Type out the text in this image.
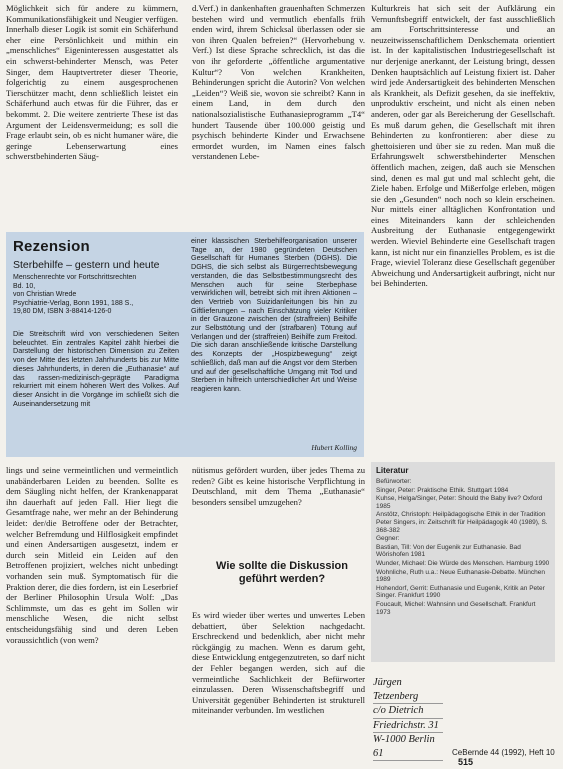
Möglichkeit sich für andere zu kümmern, Kommunikationsfähigkeit und Neugier verfügen. Innerhalb dieser Logik ist somit ein Schäferhund eher eine Persönlichkeit und mithin ein „menschliches“ Eigeninteressen ausgestattet als ein schwerst-behinderter Mensch, was Peter Singer, dem Hauptvertreter dieser Theorie, folgerichtig zu einem ausgesprochenen Tierschützer macht, denn schließlich leistet ein Schäferhund auch etwas für die Führer, das er bekommt. 2. Die weitere zentrierte These ist das Argument der Leidensvermeidung; es soll die Frage erlaubt sein, ob es nicht humaner wäre, die geringe Lebenserwartung eines schwerstbehinderten Säug-

d.Verf.) in dankenhaften grauenhaften Schmerzen bestehen wird und vermutlich ebenfalls früh enden wird, ihrem Schicksal überlassen oder sie von ihren Qualen befreien?“ (Hervorhebung v. Verf.) Ist diese Sprache schrecklich, ist das die von ihr geforderte „öffentliche argumentative Kultur“? Von welchen Krankheiten, Behinderungen spricht die Autorin? Von welchen „Leiden“? Weiß sie, wovon sie schreibt? Kann in einem Land, in dem durch den nationalsozialistische Euthanasieprogramm „T4“ hundert Tausende über 100.000 geistig und psychisch behinderte Kinder und Erwachsene ermordet wurden, im Namen eines falsch verstandenen Lebe-

Kulturkreis hat sich seit der Aufklärung ein Vernunftsbegriff entwickelt, der fast ausschließlich am Fortschrittsinteresse und an neuzeitwissenschaftlichem Denkschemata orientiert ist. In der kapitalistischen Industriegesellschaft ist nur derjenige anerkannt, der Leistung bringt, dessen Denken hauptsächlich auf Leistung fixiert ist. Daher wird jede Andersartigkeit des behinderten Menschen als Krankheit, als Defizit gesehen, da sie ineffektiv, unproduktiv erscheint, und nicht als einen neben anderen, oder gar als Bereicherung der Gesellschaft. Es muß darum gehen, die Gesellschaft mit ihren Behinderten zu konfrontieren: aber diese zu ghettoisieren und über sie zu reden. Man muß die Erfahrungswelt schwerstbehinderter Menschen öffentlich machen, zeigen, daß auch sie Menschen sind, denen es mal gut und mal schlecht geht, die Ziele haben. Erfolge und Mißerfolge erleben, mögen sie den „Gesunden“ noch noch so klein erscheinen. Nur mittels einer alltäglichen Konfrontation und eines Miteinanders kann der schleichenden Ausbreitung der Euthanasie entgegengewirkt werden. Wieviel Behinderte eine Gesellschaft tragen kann, ist nicht nur ein finanzielles Problem, es ist die Frage, wieviel Toleranz diese Gesellschaft gegenüber Abweichung und Andersartigkeit aufbringt, nicht nur bei Behinderten.

Rezension
Sterbehilfe – gestern und heute
Menschenrechte vor Fortschrittsrechten
Bd. 10,
von Christian Wrede
Psychiatrie-Verlag, Bonn 1991, 188 S.,
19,80 DM, ISBN 3-88414-126-0
Die Streitschrift wird von verschiedenen Seiten beleuchtet. Ein zentrales Kapitel zählt hierbei die Darstellung der historischen Dimension zu Zeiten von der Mitte des letzten Jahrhunderts bis zur Mitte dieses Jahrhunderts, in deren die „Euthanasie“ auf das rassen-medizinisch-geprägte Paradigma rekurriert mit einem höheren Wert des Volkes. Auf dieser Ansicht in die Vorgänge im schließt sich die Auseinandersetzung mit
einer klassischen Sterbehilfeorganisation unserer Tage an, der 1980 gegründeten Deutschen Gesellschaft für Humanes Sterben (DGHS). Die DGHS, die sich selbst als Bürgerrechtsbewegung verstanden, die das Selbstbestimmungsrecht des Menschen auch für seine Sterbephase verwirklichen will, betreibt sich mit ihren Aktionen – den Vertrieb von Suizidanleitungen bis hin zu Giftlieferungen – nach Einschätzung vieler Kritiker in der Grauzone zwischen der (straffreien) Beihilfe zur Selbsttötung und der (strafbaren) Tötung auf Verlangen und der (straffreien) Beihilfe zum Freitod. Die sich daran anschließende kritische Darstellung des Konzepts der „Hospizbewegung“ zeigt schließlich, daß man auf die Angst vor dem Sterben und auf der gesellschaftliche Umgang mit Tod und Sterben in hilfreich unterschiedlicher Art und Weise reagieren kann.
Hubert Kolling

lings und seine vermeintlichen und vermeintlich unabänderbaren Leiden zu beenden. Sollte es dem Säugling nicht helfen, der Krankenapparat ihn dauerhaft auf jeden Fall. Hier liegt die Gesamtfrage nahe, wer mehr an der Behinderung leidet: der/die Betroffene oder der Betrachter, welcher Befremdung und Hilflosigkeit empfindet und einen Andersartigen ausgesetzt, indem er durch sein Mitleid ein Leiden auf den Betroffenen projiziert, welches nicht unbedingt vorhanden sein muß. Symptomatisch für die Praktion derer, die dies fordern, ist ein Leserbrief der Berliner Philosophin Ursula Wolf: „Das Schlimmste, um das es geht im Sollen wir menschliche Wesen, die nicht selbst entscheidungsfähig sind und deren Leben voraussichtlich (von wem?

nütismus gefördert wurden, über jedes Thema zu reden? Gibt es keine historische Verpflichtung in Deutschland, mit dem Thema „Euthanasie“ besonders sensibel umzugehen?

Wie sollte die Diskussion geführt werden?

Es wird wieder über wertes und unwertes Leben debattiert, über Selektion nachgedacht. Erschreckend und bedenklich, aber nicht mehr rückgängig zu machen. Wenn es darum geht, diese Entwicklung entgegenzutreten, so darf nicht der Fehler begangen werden, sich auf die vermeintliche Sachlichkeit der Befürworter einzulassen. Deren Wissenschaftsbegriff und Universität gegenüber Behinderten ist strukturell miteinander verbunden. Im westlichen

Literatur

Befürworter:

Singer, Peter: Praktische Ethik. Stuttgart 1984

Kuhse, Helga/Singer, Peter: Should the Baby live? Oxford 1985

Anstötz, Christoph: Heilpädagogische Ethik in der Tradition Peter Singers, in: Zeitschrift für Heilpädagogik 40 (1989), S. 368-382

Gegner:

Bastian, Till: Von der Eugenik zur Euthanasie. Bad Wörishofen 1981

Wunder, Michael: Die Würde des Menschen. Hamburg 1990

Wohnliche, Ruth u.a.: Neue Euthanasie-Debatte. München 1989

Hohendorf, Gerrit: Euthanasie und Eugenik, Kritik an Peter Singer. Frankfurt 1990

Foucault, Michel: Wahnsinn und Gesellschaft. Frankfurt 1973

Jürgen Tetzenberg
c/o Dietrich
Friedrichstr. 31
W-1000 Berlin 61	CeBernde 44 (1992), Heft 10 515
